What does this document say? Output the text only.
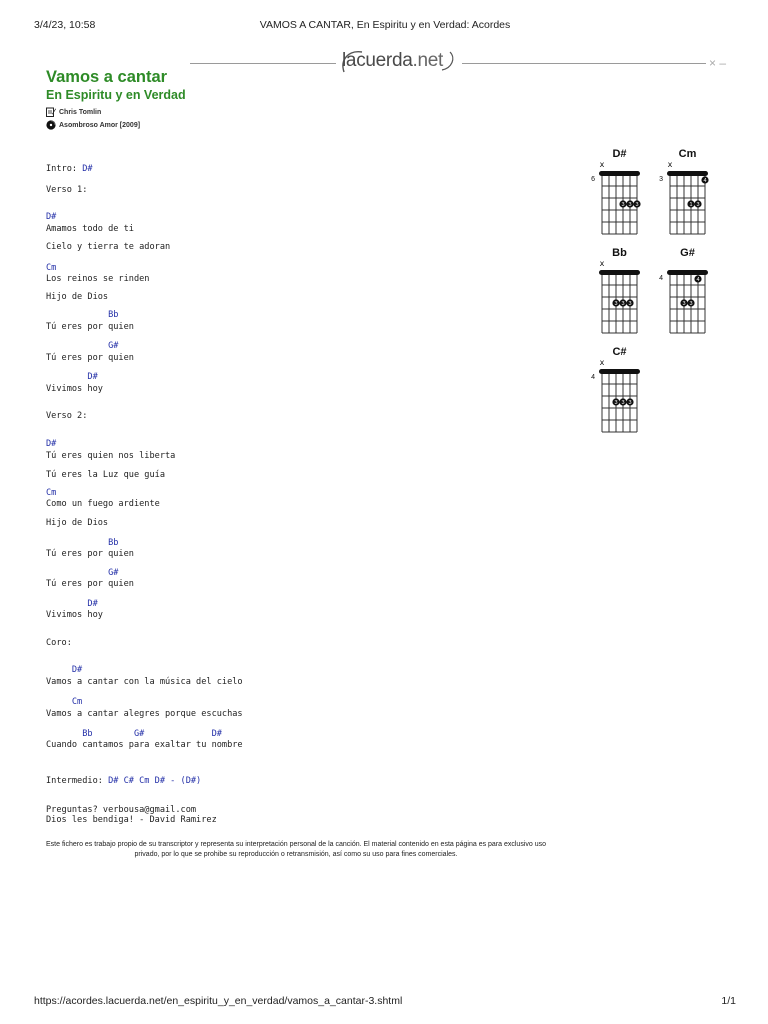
3/4/23, 10:58	VAMOS A CANTAR, En Espiritu y en Verdad: Acordes
lacuerda.net	× –
Vamos a cantar
En Espiritu y en Verdad
Chris Tomlin
Asombroso Amor [2009]
Intro: D#
Verso 1:
D#
Amamos todo de ti
Cielo y tierra te adoran
Cm
Los reinos se rinden
Hijo de Dios
Bb
Tú eres por quien
G#
Tú eres por quien
D#
Vivimos hoy
Verso 2:
D#
Tú eres quien nos liberta
Tú eres la Luz que guía
Cm
Como un fuego ardiente
Hijo de Dios
Bb
Tú eres por quien
G#
Tú eres por quien
D#
Vivimos hoy
Coro:
D#
Vamos a cantar con la música del cielo
Cm
Vamos a cantar alegres porque escuchas
Bb        G#             D#
Cuando cantamos para exaltar tu nombre
Intermedio: D# C# Cm D# - (D#)
Preguntas? verbousa@gmail.com
Dios les bendiga! - David Ramirez
D#
x
6
3 3 3
Cm
x
3
1 3
4
Bb
x
3 3 3
G#
4
3 3
4
C#
x
4
3 3 3
Este fichero es trabajo propio de su transcriptor y representa su interpretación personal de la canción. El material contenido en esta página es para exclusivo uso privado, por lo que se prohibe su reproducción o retransmisión, así como su uso para fines comerciales.
https://acordes.lacuerda.net/en_espiritu_y_en_verdad/vamos_a_cantar-3.shtml	1/1
